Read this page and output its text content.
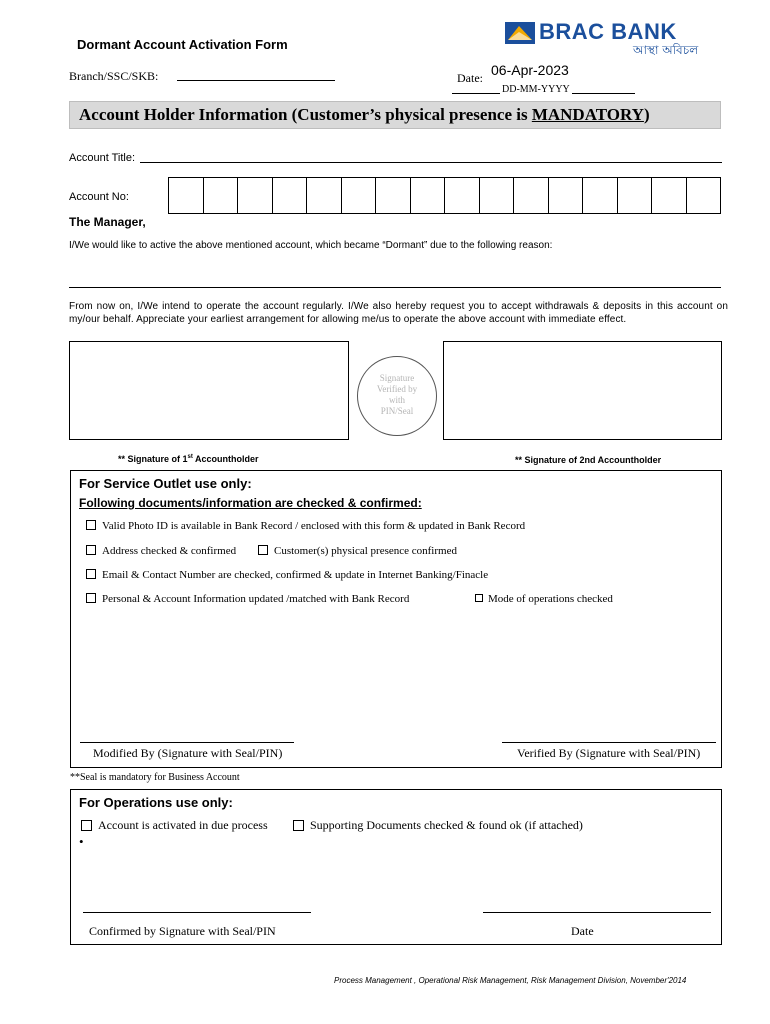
Dormant Account Activation Form
BRAC BANK
আস্থা অবিচল
Branch/SSC/SKB:	Date: 06-Apr-2023
DD-MM-YYYY
Account Holder Information (Customer’s physical presence is MANDATORY)
Account Title:
Account No:
The Manager,
I/We would like to active the above mentioned account, which became “Dormant” due to the following reason:
From now on, I/We intend to operate the account regularly. I/We also hereby request you to accept withdrawals & deposits in this account on my/our behalf. Appreciate your earliest arrangement for allowing me/us to operate the above account with immediate effect.
Signature Verified by with PIN/Seal
** Signature of 1st Accountholder	** Signature of 2nd Accountholder
For Service Outlet use only:
Following documents/information are checked & confirmed:
Valid Photo ID is available in Bank Record / enclosed with this form & updated in Bank Record
Address checked & confirmed	Customer(s) physical presence confirmed
Email & Contact Number are checked, confirmed & update in Internet Banking/Finacle
Personal & Account Information updated /matched with Bank Record	Mode of operations checked
Modified By (Signature with Seal/PIN)	Verified By (Signature with Seal/PIN)
**Seal is mandatory for Business Account
For Operations use only:
Account is activated in due process	Supporting Documents checked & found ok (if attached)
•
Confirmed by Signature with Seal/PIN	Date
Process Management , Operational Risk Management, Risk Management Division, November'2014
